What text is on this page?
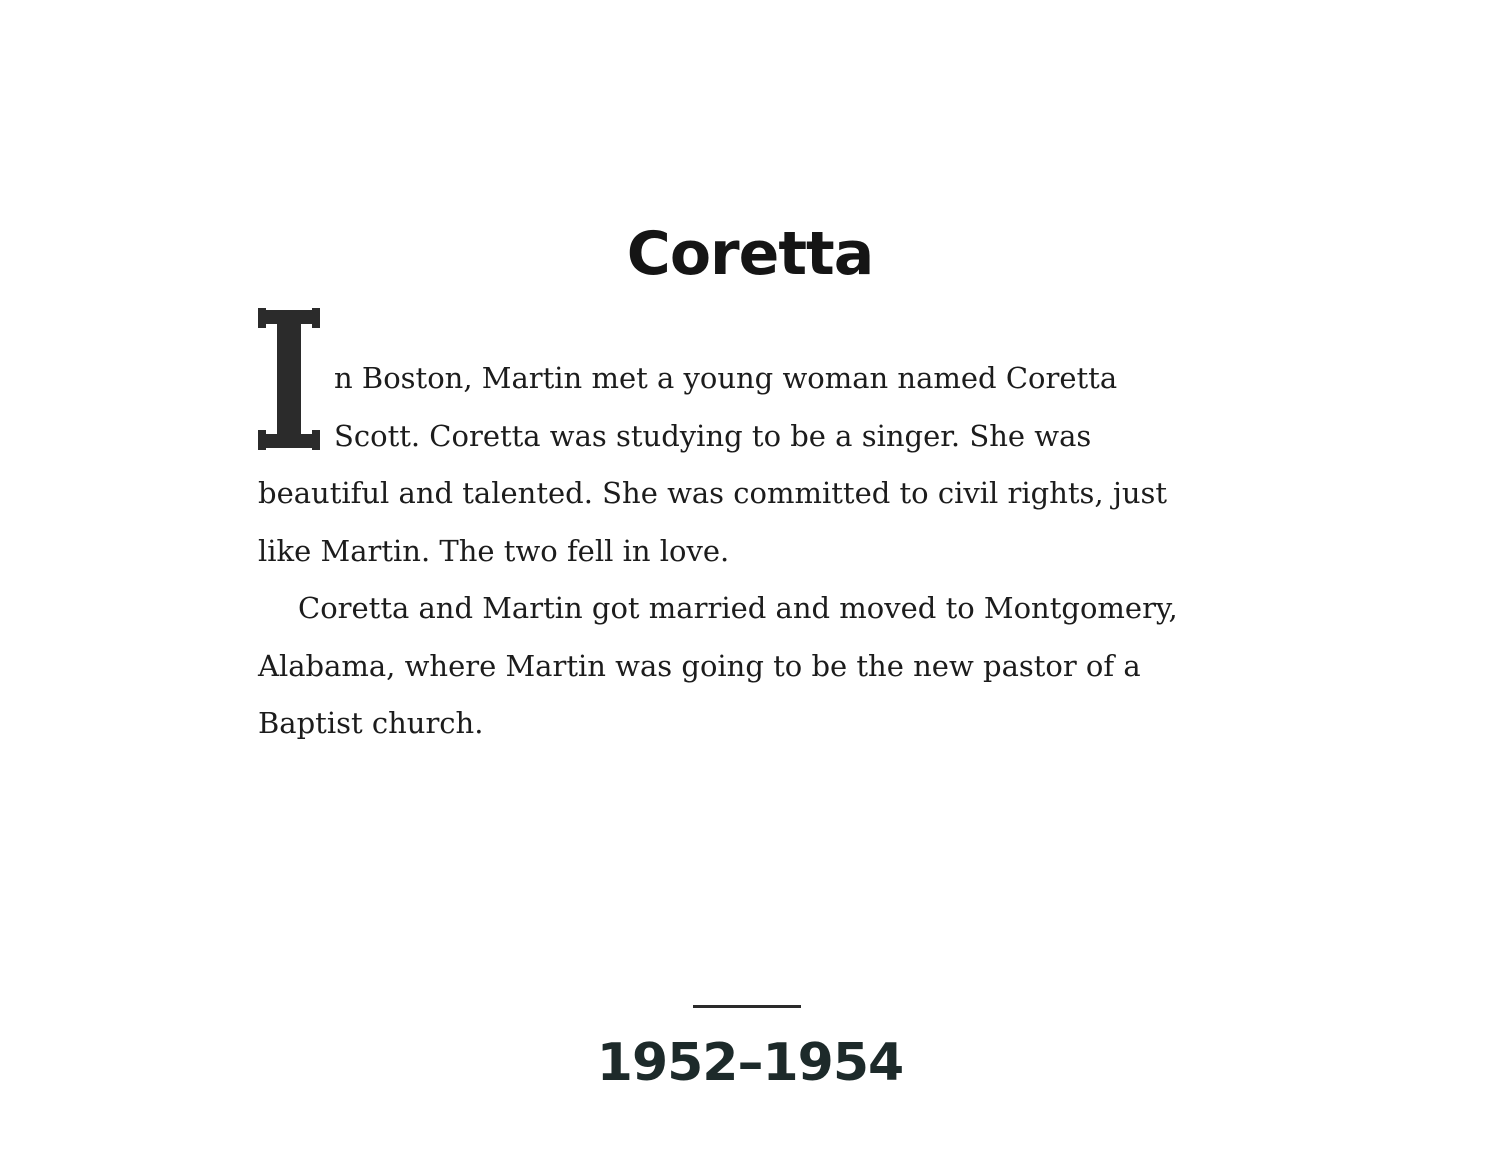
Coretta
n Boston, Martin met a young woman named Coretta
Scott. Coretta was studying to be a singer. She was
beautiful and talented. She was committed to civil rights, just
like Martin. The two fell in love.
Coretta and Martin got married and moved to Montgomery,
Alabama, where Martin was going to be the new pastor of a
Baptist church.
1952–1954
